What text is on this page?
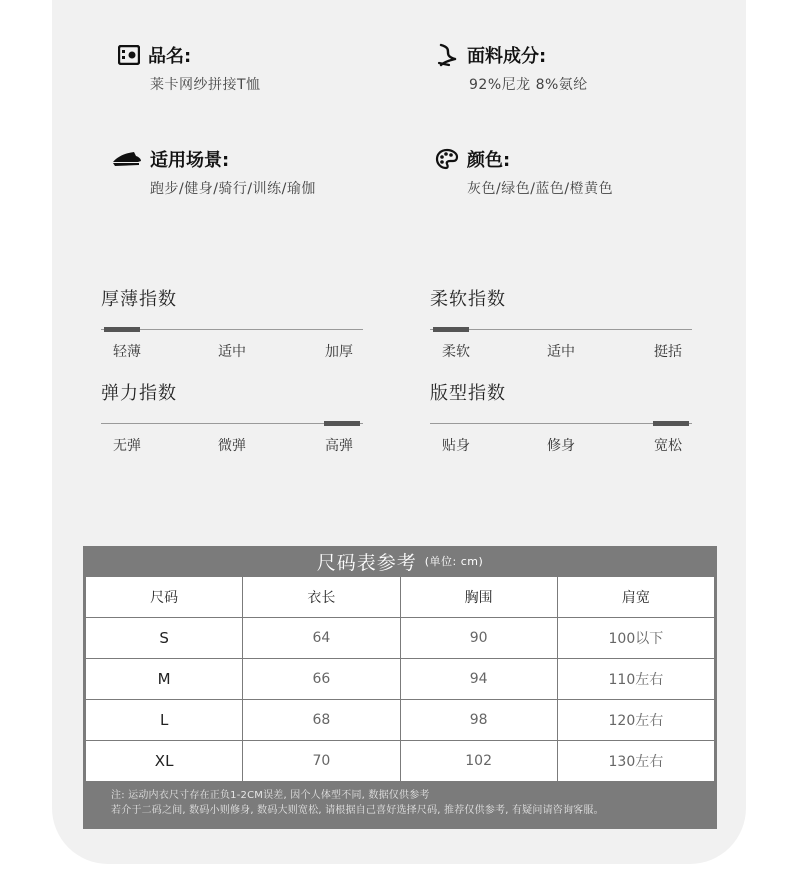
品名:
莱卡网纱拼接T恤
面料成分:
92%尼龙 8%氨纶
适用场景:
跑步/健身/骑行/训练/瑜伽
颜色:
灰色/绿色/蓝色/橙黄色
厚薄指数
轻薄	适中	加厚
柔软指数
柔软	适中	挺括
弹力指数
无弹	微弹	高弹
版型指数
贴身	修身	宽松
尺码表参考 (单位: cm)
尺码	衣长	胸围	肩宽
S	64	90	100以下
M	66	94	110左右
L	68	98	120左右
XL	70	102	130左右
注: 运动内衣尺寸存在正负1-2CM误差, 因个人体型不同, 数据仅供参考
若介于二码之间, 数码小则修身, 数码大则宽松, 请根据自己喜好选择尺码, 推荐仅供参考, 有疑问请咨询客服。
